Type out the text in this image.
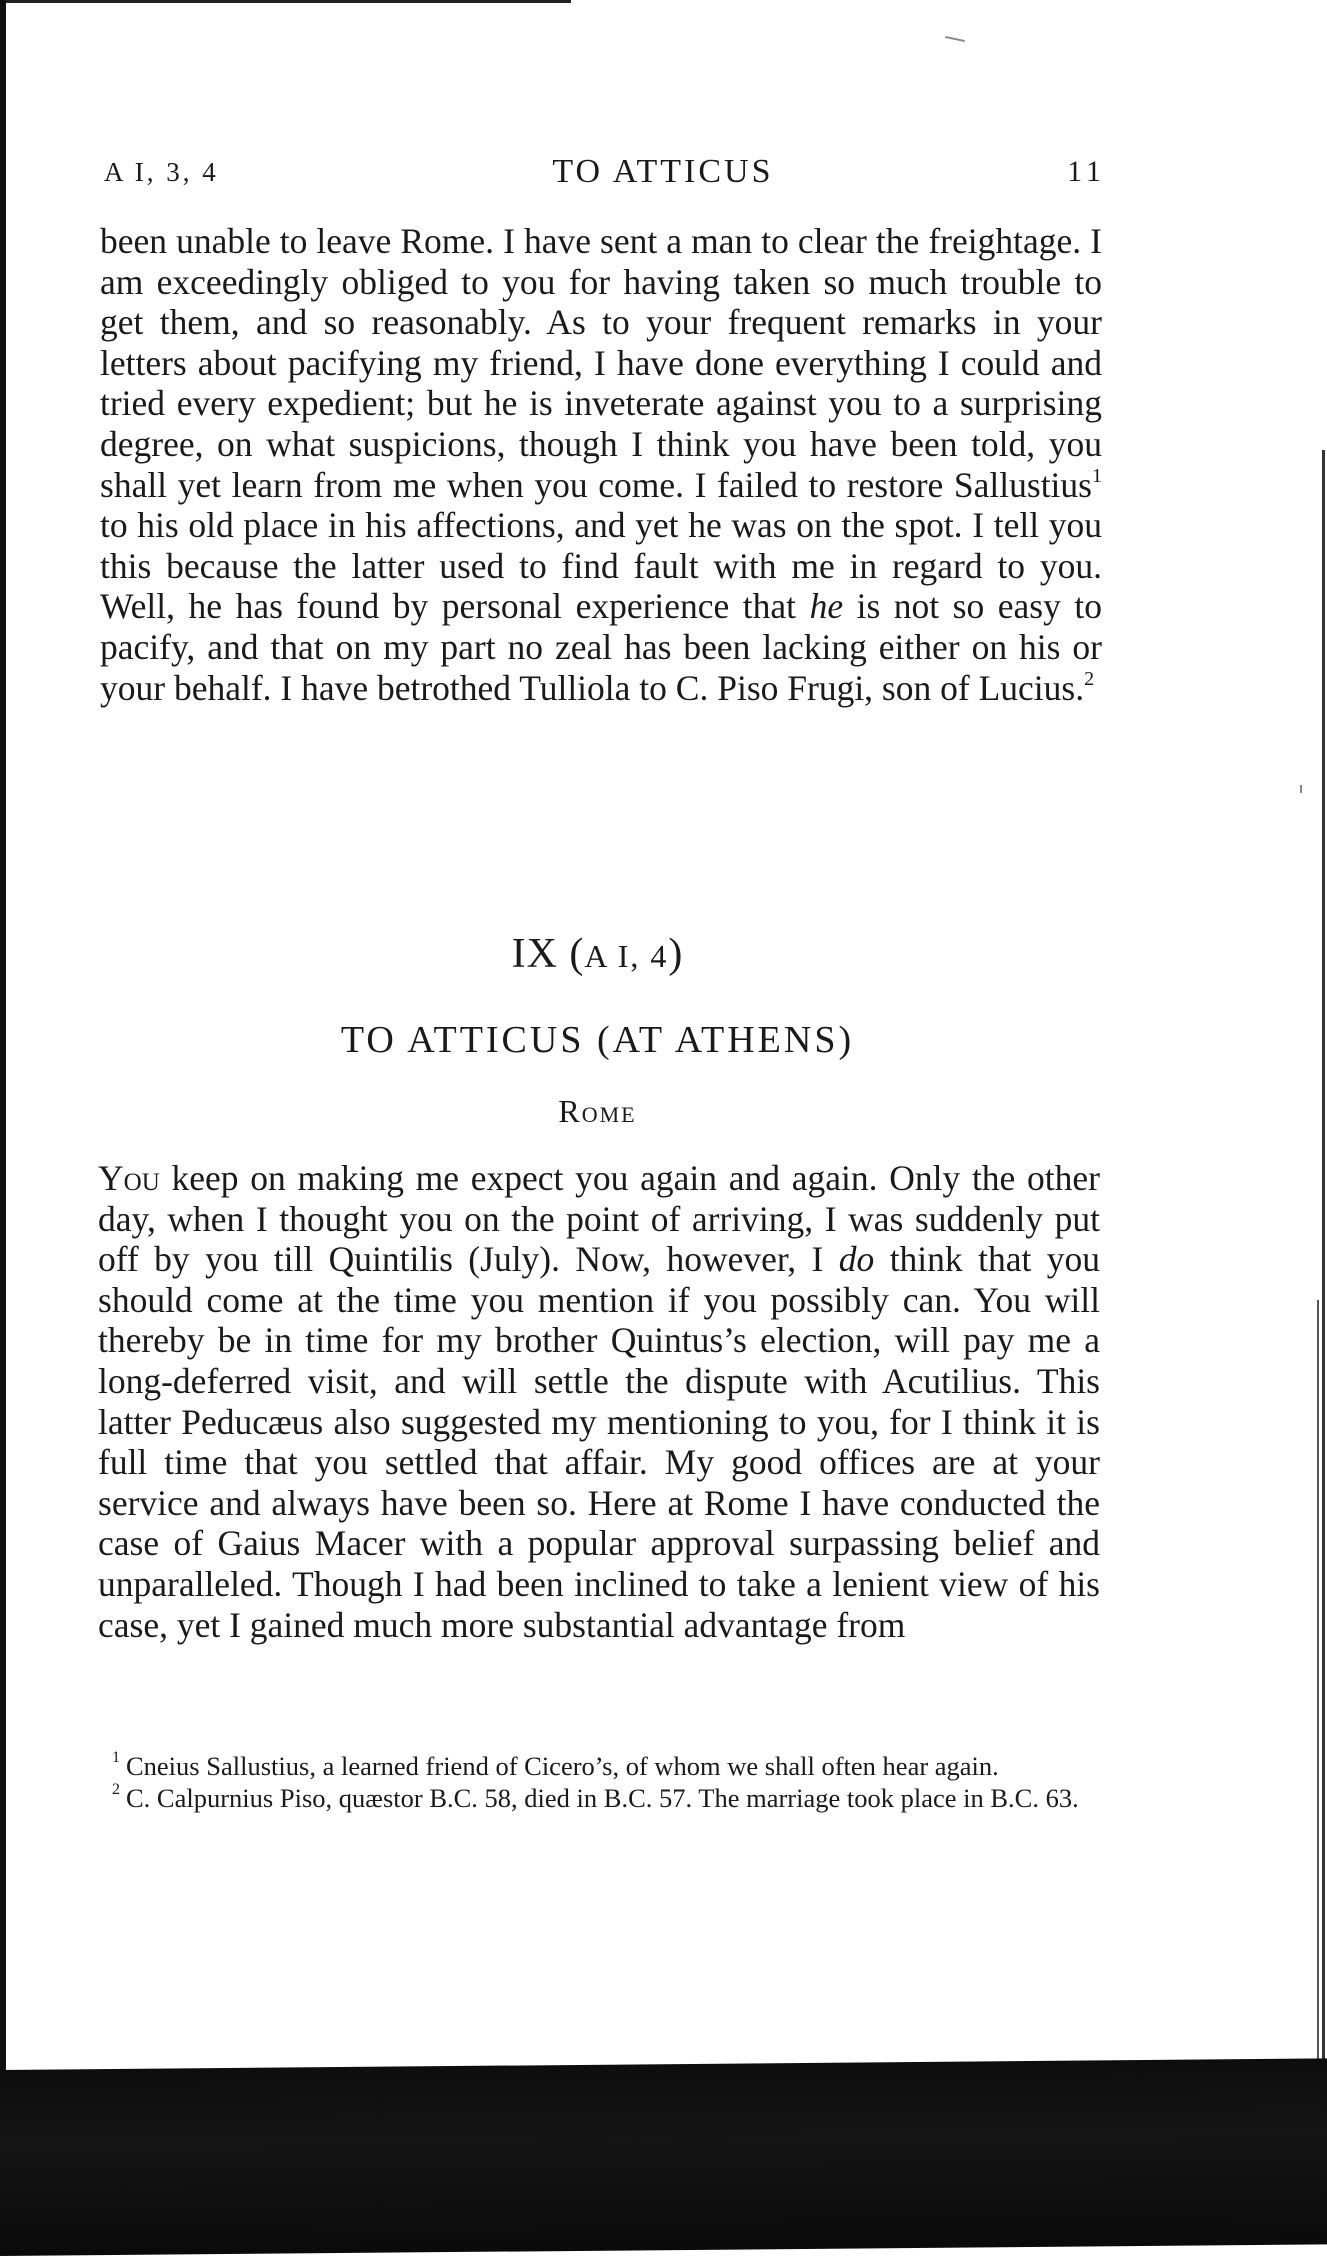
A I, 3, 4	TO ATTICUS	11

been unable to leave Rome. I have sent a man to clear the freightage. I am exceedingly obliged to you for having taken so much trouble to get them, and so reasonably. As to your frequent remarks in your letters about pacifying my friend, I have done everything I could and tried every expedient; but he is inveterate against you to a surprising degree, on what suspicions, though I think you have been told, you shall yet learn from me when you come. I failed to restore Sallustius$^1$ to his old place in his affections, and yet he was on the spot. I tell you this because the latter used to find fault with me in regard to you. Well, he has found by personal experience that he is not so easy to pacify, and that on my part no zeal has been lacking either on his or your behalf. I have betrothed Tulliola to C. Piso Frugi, son of Lucius.$^2$

IX (A I, 4)
TO ATTICUS (AT ATHENS)
Rome

You keep on making me expect you again and again. Only the other day, when I thought you on the point of arriving, I was suddenly put off by you till Quintilis (July). Now, however, I do think that you should come at the time you mention if you possibly can. You will thereby be in time for my brother Quintus’s election, will pay me a long-deferred visit, and will settle the dispute with Acutilius. This latter Peducæus also suggested my mentioning to you, for I think it is full time that you settled that affair. My good offices are at your service and always have been so. Here at Rome I have conducted the case of Gaius Macer with a popular approval surpassing belief and unparalleled. Though I had been inclined to take a lenient view of his case, yet I gained much more substantial advantage from

$^1$ Cneius Sallustius, a learned friend of Cicero’s, of whom we shall often hear again.

$^2$ C. Calpurnius Piso, quæstor B.C. 58, died in B.C. 57. The marriage took place in B.C. 63.
